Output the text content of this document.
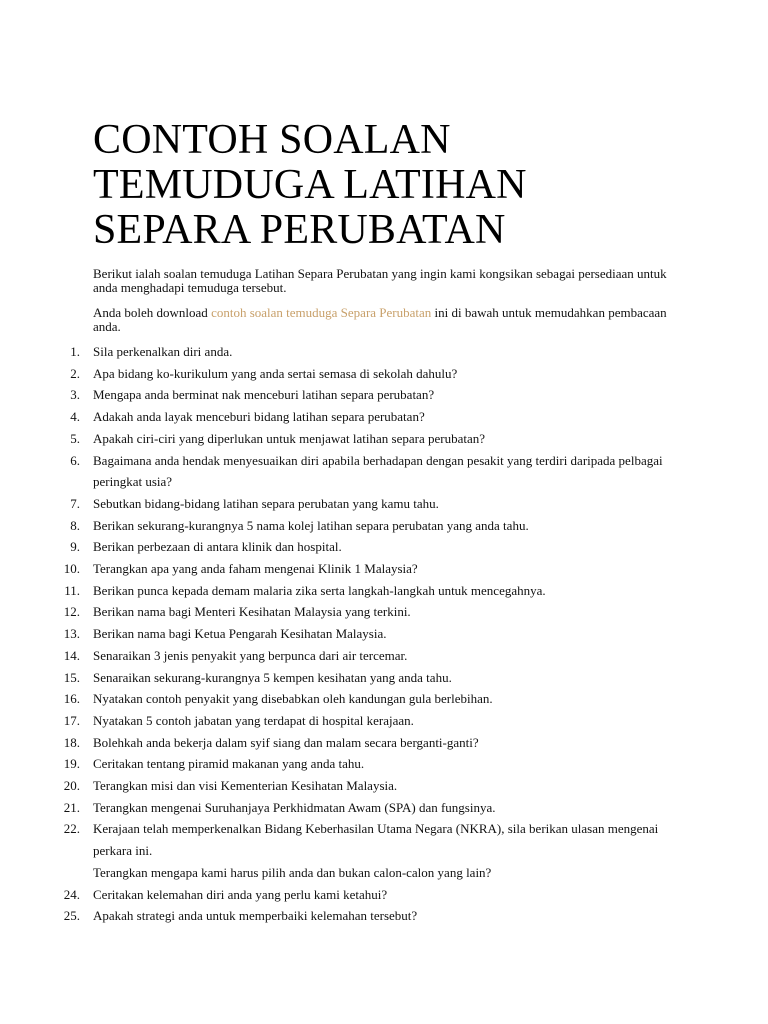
CONTOH SOALAN
TEMUDUGA LATIHAN
SEPARA PERUBATAN

Berikut ialah soalan temuduga Latihan Separa Perubatan yang ingin kami kongsikan sebagai persediaan untuk anda menghadapi temuduga tersebut.

Anda boleh download contoh soalan temuduga Separa Perubatan ini di bawah untuk memudahkan pembacaan anda.

1. Sila perkenalkan diri anda.
2. Apa bidang ko-kurikulum yang anda sertai semasa di sekolah dahulu?
3. Mengapa anda berminat nak menceburi latihan separa perubatan?
4. Adakah anda layak menceburi bidang latihan separa perubatan?
5. Apakah ciri-ciri yang diperlukan untuk menjawat latihan separa perubatan?
6. Bagaimana anda hendak menyesuaikan diri apabila berhadapan dengan pesakit yang terdiri daripada pelbagai peringkat usia?
7. Sebutkan bidang-bidang latihan separa perubatan yang kamu tahu.
8. Berikan sekurang-kurangnya 5 nama kolej latihan separa perubatan yang anda tahu.
9. Berikan perbezaan di antara klinik dan hospital.
10. Terangkan apa yang anda faham mengenai Klinik 1 Malaysia?
11. Berikan punca kepada demam malaria zika serta langkah-langkah untuk mencegahnya.
12. Berikan nama bagi Menteri Kesihatan Malaysia yang terkini.
13. Berikan nama bagi Ketua Pengarah Kesihatan Malaysia.
14. Senaraikan 3 jenis penyakit yang berpunca dari air tercemar.
15. Senaraikan sekurang-kurangnya 5 kempen kesihatan yang anda tahu.
16. Nyatakan contoh penyakit yang disebabkan oleh kandungan gula berlebihan.
17. Nyatakan 5 contoh jabatan yang terdapat di hospital kerajaan.
18. Bolehkah anda bekerja dalam syif siang dan malam secara berganti-ganti?
19. Ceritakan tentang piramid makanan yang anda tahu.
20. Terangkan misi dan visi Kementerian Kesihatan Malaysia.
21. Terangkan mengenai Suruhanjaya Perkhidmatan Awam (SPA) dan fungsinya.
22. Kerajaan telah memperkenalkan Bidang Keberhasilan Utama Negara (NKRA), sila berikan ulasan mengenai perkara ini.
Terangkan mengapa kami harus pilih anda dan bukan calon-calon yang lain?
24. Ceritakan kelemahan diri anda yang perlu kami ketahui?
25. Apakah strategi anda untuk memperbaiki kelemahan tersebut?
